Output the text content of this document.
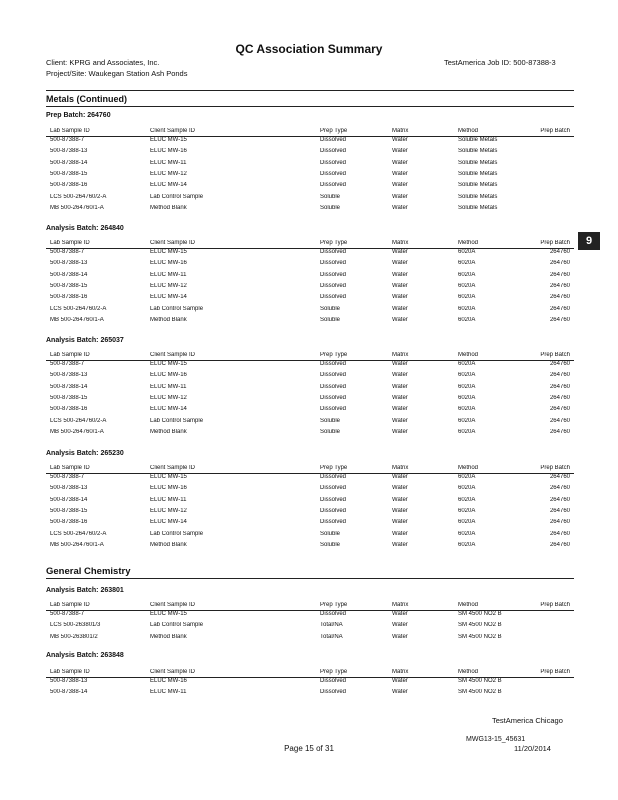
QC Association Summary
Client: KPRG and Associates, Inc.
Project/Site: Waukegan Station Ash Ponds
TestAmerica Job ID: 500-87388-3
9
Metals (Continued)
Prep Batch: 264760
Lab Sample ID	Client Sample ID	Prep Type	Matrix	Method	Prep Batch
500-87388-7	ELUC MW-15	Dissolved	Water	Soluble Metals
500-87388-13	ELUC MW-16	Dissolved	Water	Soluble Metals
500-87388-14	ELUC MW-11	Dissolved	Water	Soluble Metals
500-87388-15	ELUC MW-12	Dissolved	Water	Soluble Metals
500-87388-16	ELUC MW-14	Dissolved	Water	Soluble Metals
LCS 500-264760/2-A	Lab Control Sample	Soluble	Water	Soluble Metals
MB 500-264760/1-A	Method Blank	Soluble	Water	Soluble Metals
Analysis Batch: 264840
Lab Sample ID	Client Sample ID	Prep Type	Matrix	Method	Prep Batch
500-87388-7	ELUC MW-15	Dissolved	Water	6020A	264760
500-87388-13	ELUC MW-16	Dissolved	Water	6020A	264760
500-87388-14	ELUC MW-11	Dissolved	Water	6020A	264760
500-87388-15	ELUC MW-12	Dissolved	Water	6020A	264760
500-87388-16	ELUC MW-14	Dissolved	Water	6020A	264760
LCS 500-264760/2-A	Lab Control Sample	Soluble	Water	6020A	264760
MB 500-264760/1-A	Method Blank	Soluble	Water	6020A	264760
Analysis Batch: 265037
Lab Sample ID	Client Sample ID	Prep Type	Matrix	Method	Prep Batch
500-87388-7	ELUC MW-15	Dissolved	Water	6020A	264760
500-87388-13	ELUC MW-16	Dissolved	Water	6020A	264760
500-87388-14	ELUC MW-11	Dissolved	Water	6020A	264760
500-87388-15	ELUC MW-12	Dissolved	Water	6020A	264760
500-87388-16	ELUC MW-14	Dissolved	Water	6020A	264760
LCS 500-264760/2-A	Lab Control Sample	Soluble	Water	6020A	264760
MB 500-264760/1-A	Method Blank	Soluble	Water	6020A	264760
Analysis Batch: 265230
Lab Sample ID	Client Sample ID	Prep Type	Matrix	Method	Prep Batch
500-87388-7	ELUC MW-15	Dissolved	Water	6020A	264760
500-87388-13	ELUC MW-16	Dissolved	Water	6020A	264760
500-87388-14	ELUC MW-11	Dissolved	Water	6020A	264760
500-87388-15	ELUC MW-12	Dissolved	Water	6020A	264760
500-87388-16	ELUC MW-14	Dissolved	Water	6020A	264760
LCS 500-264760/2-A	Lab Control Sample	Soluble	Water	6020A	264760
MB 500-264760/1-A	Method Blank	Soluble	Water	6020A	264760
General Chemistry
Analysis Batch: 263801
Lab Sample ID	Client Sample ID	Prep Type	Matrix	Method	Prep Batch
500-87388-7	ELUC MW-15	Dissolved	Water	SM 4500 NO2 B
LCS 500-263801/3	Lab Control Sample	Total/NA	Water	SM 4500 NO2 B
MB 500-263801/2	Method Blank	Total/NA	Water	SM 4500 NO2 B
Analysis Batch: 263848
Lab Sample ID	Client Sample ID	Prep Type	Matrix	Method	Prep Batch
500-87388-13	ELUC MW-16	Dissolved	Water	SM 4500 NO2 B
500-87388-14	ELUC MW-11	Dissolved	Water	SM 4500 NO2 B
TestAmerica Chicago
MWG13-15_45631
Page 15 of 31	11/20/2014
